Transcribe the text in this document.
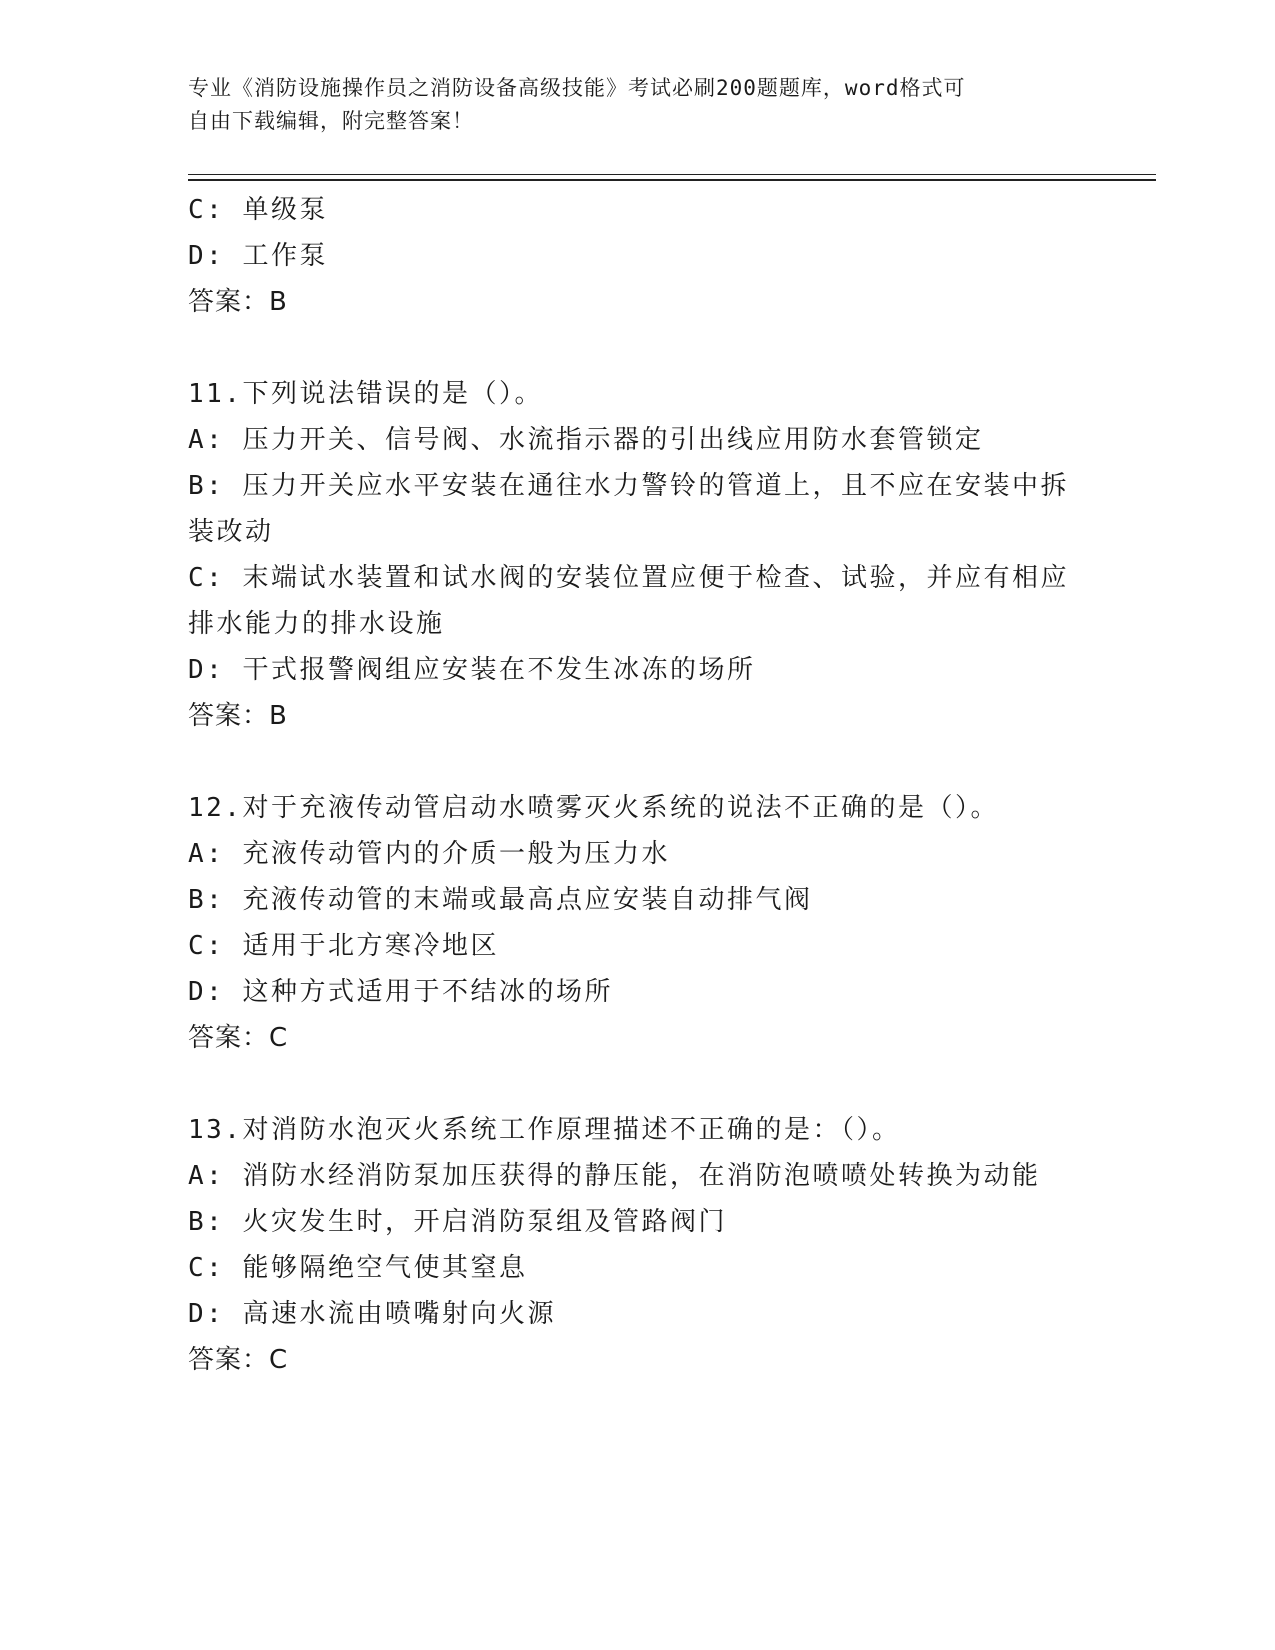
专业《消防设施操作员之消防设备高级技能》考试必刷200题题库，word格式可
自由下载编辑，附完整答案！
C: 单级泵
D: 工作泵
答案：B
11.下列说法错误的是（）。
A: 压力开关、信号阀、水流指示器的引出线应用防水套管锁定
B: 压力开关应水平安装在通往水力警铃的管道上，且不应在安装中拆装改动
C: 末端试水装置和试水阀的安装位置应便于检查、试验，并应有相应排水能力的排水设施
D: 干式报警阀组应安装在不发生冰冻的场所
答案：B
12.对于充液传动管启动水喷雾灭火系统的说法不正确的是（）。
A: 充液传动管内的介质一般为压力水
B: 充液传动管的末端或最高点应安装自动排气阀
C: 适用于北方寒冷地区
D: 这种方式适用于不结冰的场所
答案：C
13.对消防水泡灭火系统工作原理描述不正确的是：（）。
A: 消防水经消防泵加压获得的静压能，在消防泡喷喷处转换为动能
B: 火灾发生时，开启消防泵组及管路阀门
C: 能够隔绝空气使其窒息
D: 高速水流由喷嘴射向火源
答案：C
